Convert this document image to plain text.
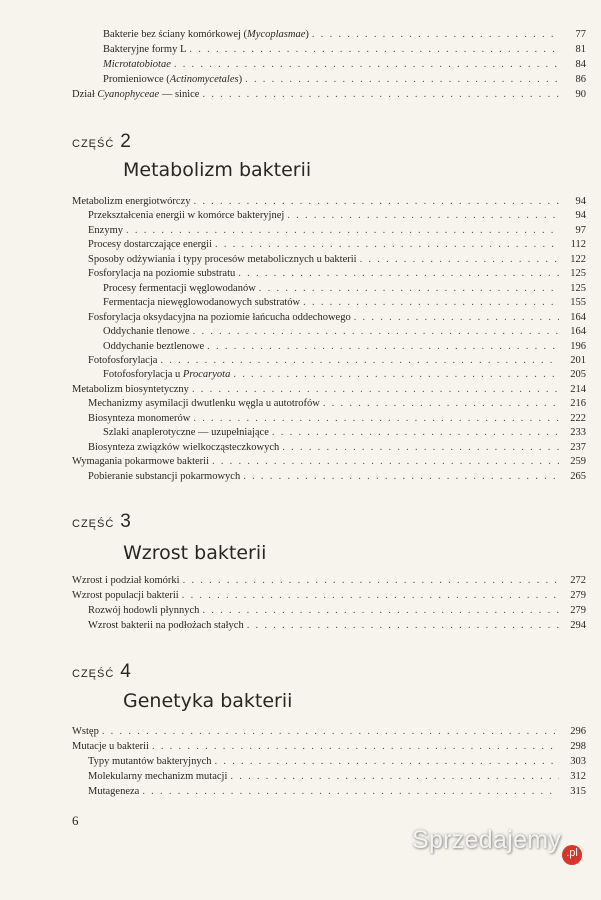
Bakterie bez ściany komórkowej (Mycoplasmae) . . .	77
Bakteryjne formy L . . .	81
Microtatobiotae . . .	84
Promieniowce (Actinomycetales) . . .	86
Dział Cyanophyceae — sinice . . .	90
CZĘŚĆ 2
Metabolizm bakterii
Metabolizm energiotwórczy . . .	94
Przekształcenia energii w komórce bakteryjnej . . .	94
Enzymy . . .	97
Procesy dostarczające energii . . .	112
Sposoby odżywiania i typy procesów metabolicznych u bakterii . . .	122
Fosforylacja na poziomie substratu . . .	125
Procesy fermentacji węglowodanów . . .	125
Fermentacja niewęglowodanowych substratów . . .	155
Fosforylacja oksydacyjna na poziomie łańcucha oddechowego . . .	164
Oddychanie tlenowe . . .	164
Oddychanie beztlenowe . . .	196
Fotofosforylacja . . .	201
Fotofosforylacja u Procaryota . . .	205
Metabolizm biosyntetyczny . . .	214
Mechanizmy asymilacji dwutlenku węgla u autotrofów . . .	216
Biosynteza monomerów . . .	222
Szlaki anaplerotyczne — uzupełniające . . .	233
Biosynteza związków wielkocząsteczkowych . . .	237
Wymagania pokarmowe bakterii . . .	259
Pobieranie substancji pokarmowych . . .	265
CZĘŚĆ 3
Wzrost bakterii
Wzrost i podział komórki . . .	272
Wzrost populacji bakterii . . .	279
Rozwój hodowli płynnych . . .	279
Wzrost bakterii na podłożach stałych . . .	294
CZĘŚĆ 4
Genetyka bakterii
Wstęp . . .	296
Mutacje u bakterii . . .	298
Typy mutantów bakteryjnych . . .	303
Molekularny mechanizm mutacji . . .	312
Mutageneza . . .	315
6
Sprzedajemy .pl
